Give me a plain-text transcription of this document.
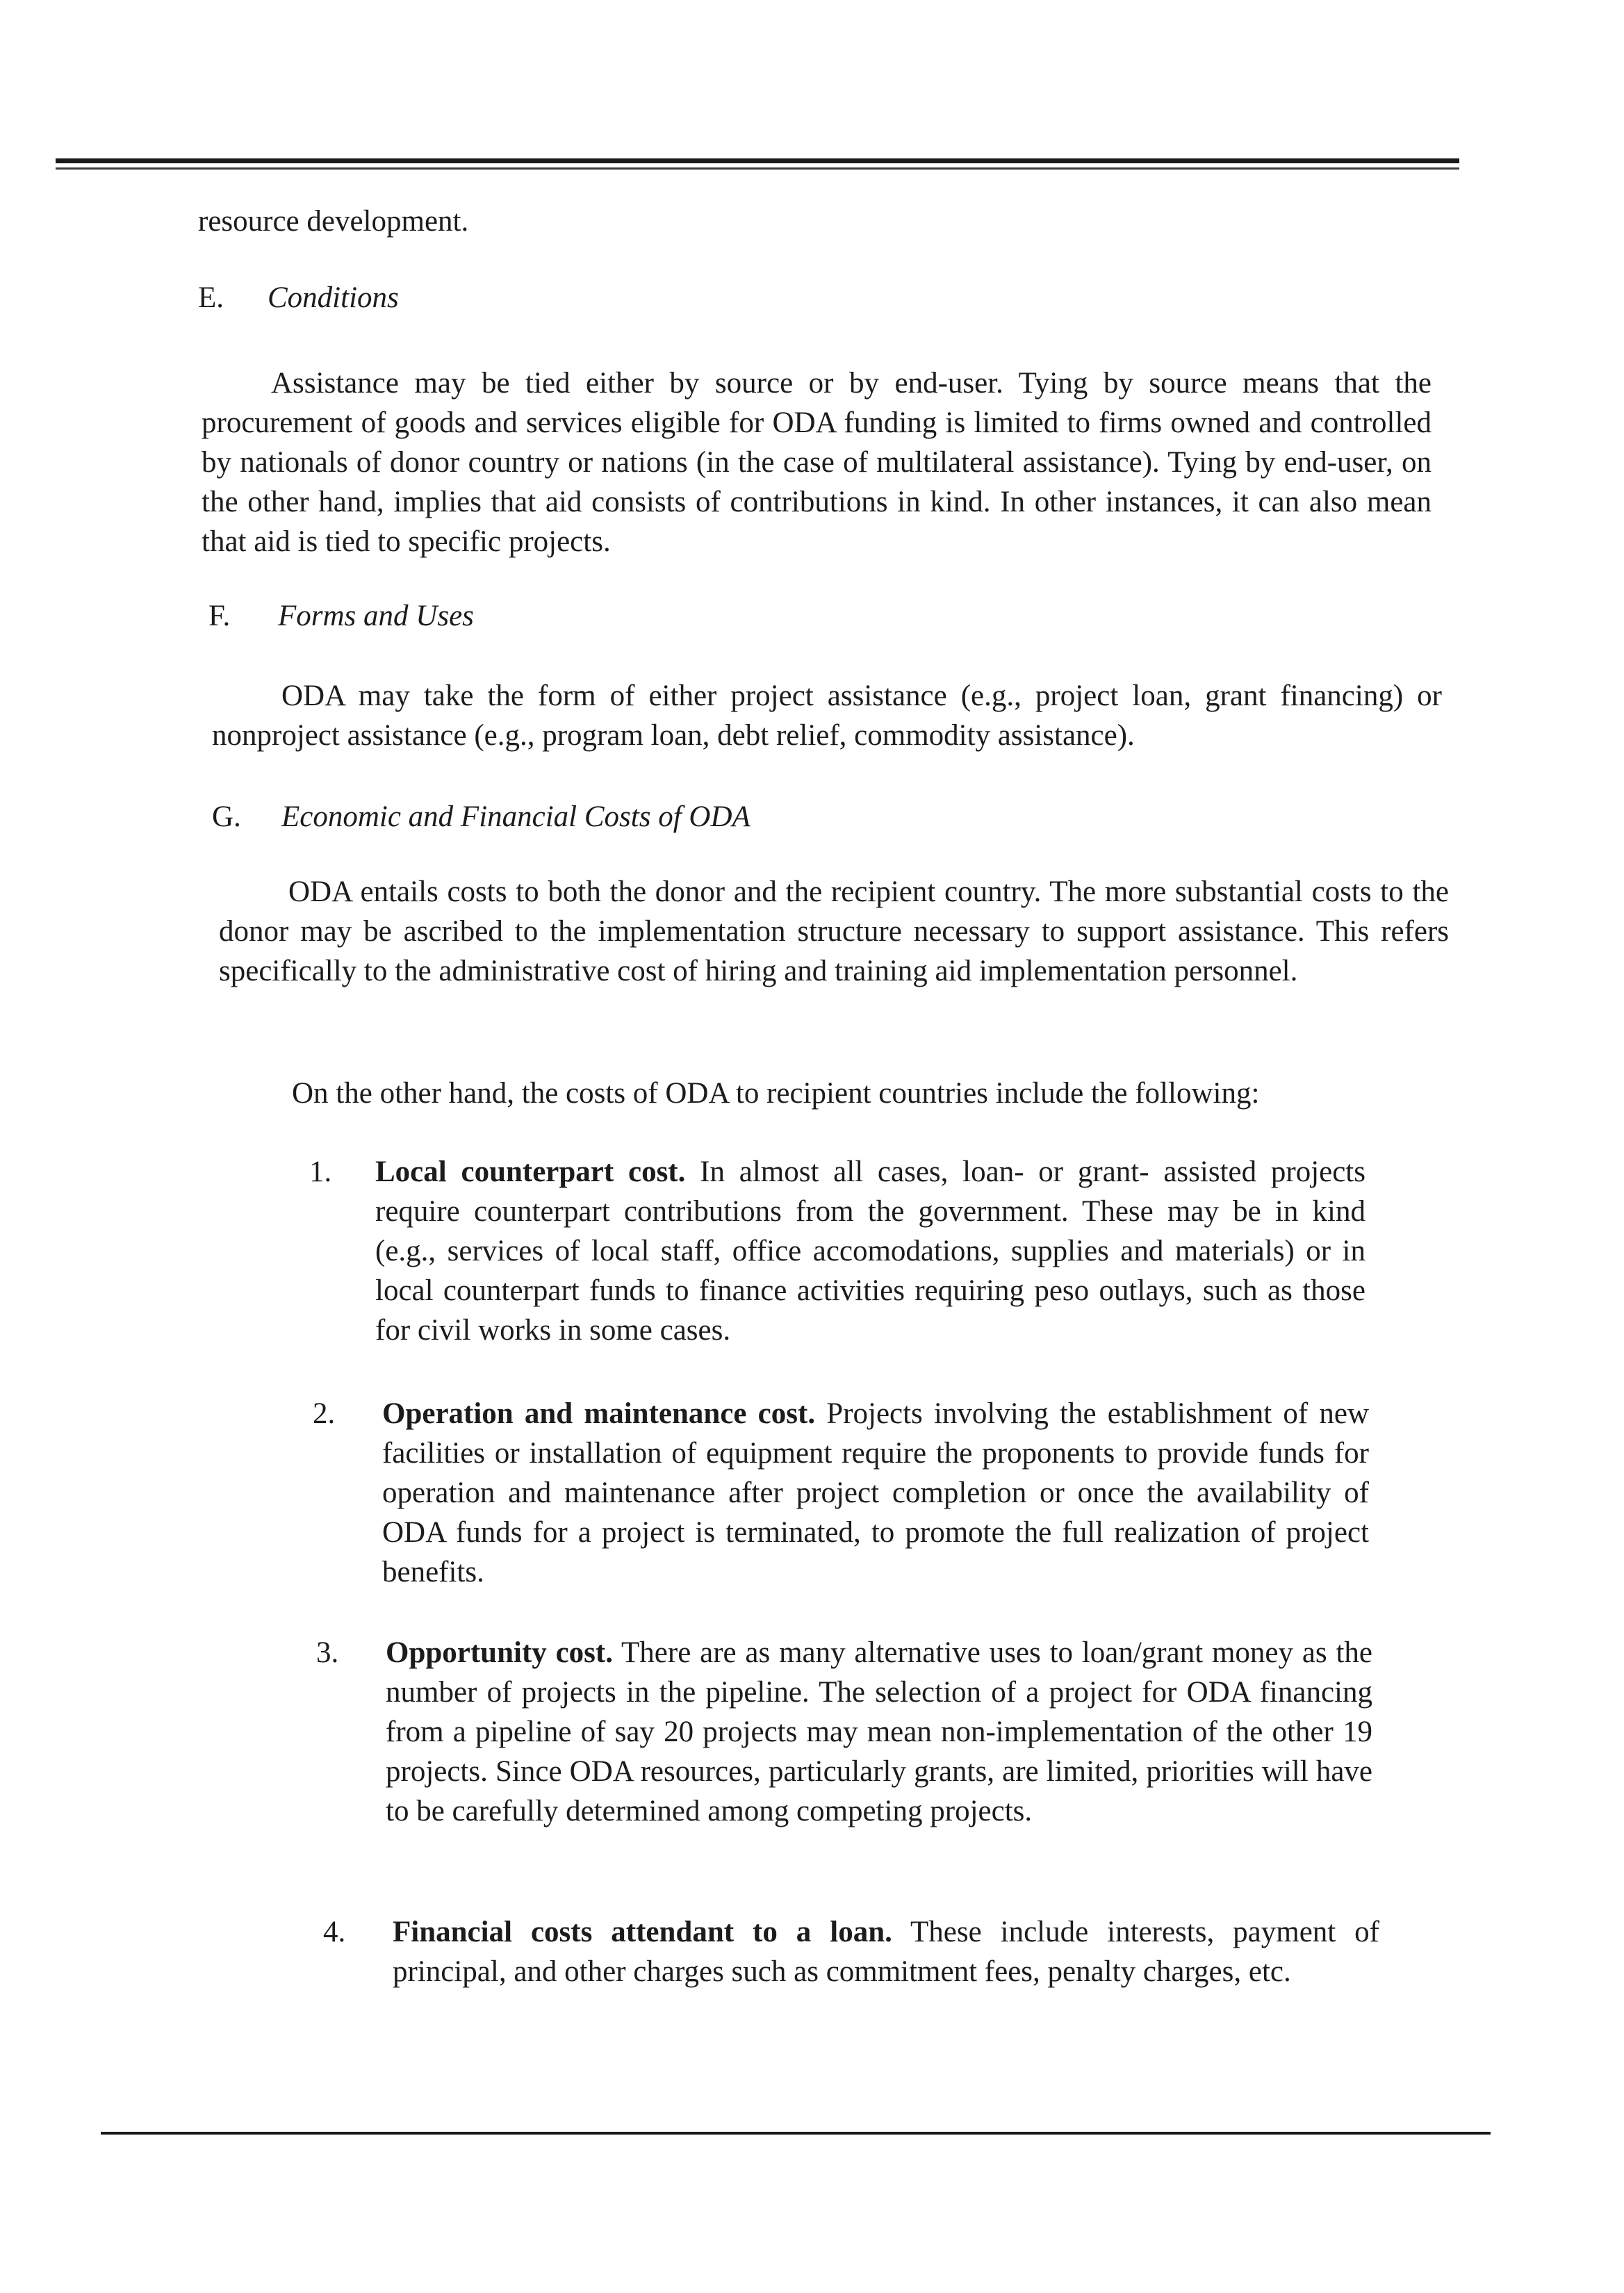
resource development.
E. Conditions
Assistance may be tied either by source or by end-user. Tying by source means that the procurement of goods and services eligible for ODA funding is limited to firms owned and controlled by nationals of donor country or nations (in the case of multilateral assistance). Tying by end-user, on the other hand, implies that aid consists of contributions in kind. In other instances, it can also mean that aid is tied to specific projects.
F. Forms and Uses
ODA may take the form of either project assistance (e.g., project loan, grant financing) or nonproject assistance (e.g., program loan, debt relief, commodity assistance).
G. Economic and Financial Costs of ODA
ODA entails costs to both the donor and the recipient country. The more substantial costs to the donor may be ascribed to the implementation structure necessary to support assistance. This refers specifically to the administrative cost of hiring and training aid implementation personnel.
On the other hand, the costs of ODA to recipient countries include the following:
1. Local counterpart cost. In almost all cases, loan- or grant- assisted projects require counterpart contributions from the government. These may be in kind (e.g., services of local staff, office accomodations, supplies and materials) or in local counterpart funds to finance activities requiring peso outlays, such as those for civil works in some cases.
2. Operation and maintenance cost. Projects involving the establishment of new facilities or installation of equipment require the proponents to provide funds for operation and maintenance after project completion or once the availability of ODA funds for a project is terminated, to promote the full realization of project benefits.
3. Opportunity cost. There are as many alternative uses to loan/grant money as the number of projects in the pipeline. The selection of a project for ODA financing from a pipeline of say 20 projects may mean non-implementation of the other 19 projects. Since ODA resources, particularly grants, are limited, priorities will have to be carefully determined among competing projects.
4. Financial costs attendant to a loan. These include interests, payment of principal, and other charges such as commitment fees, penalty charges, etc.
